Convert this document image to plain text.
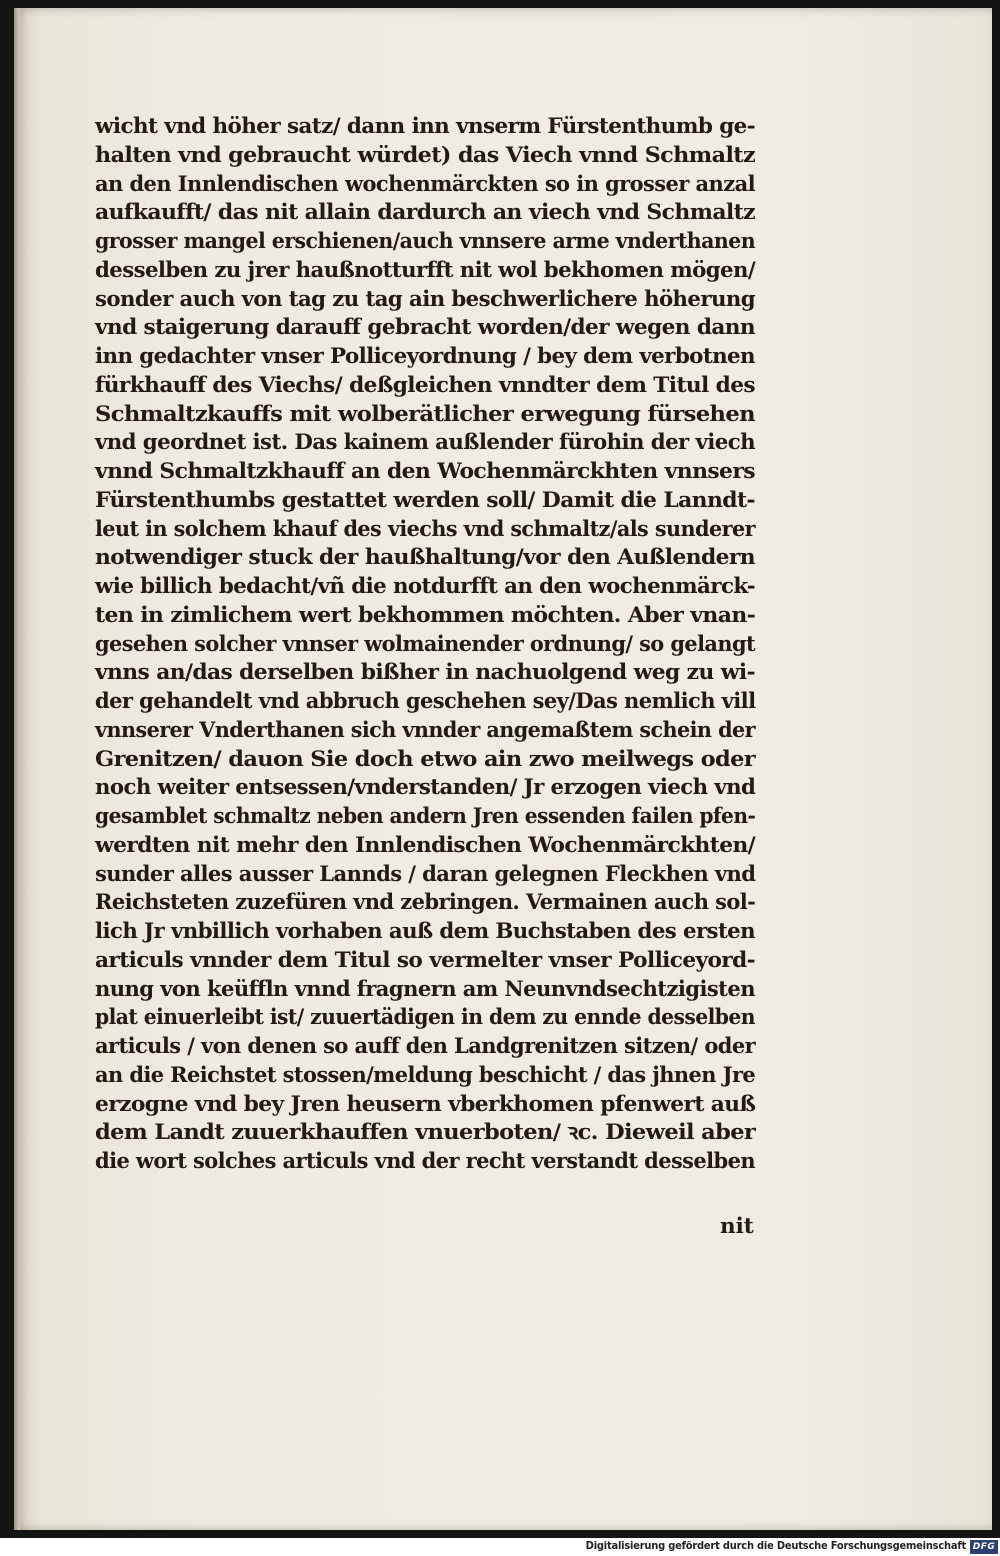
wicht vnd höher satz/ dann inn vnserm Fürstenthumb ge-
halten vnd gebraucht würdet) das Viech vnnd Schmaltz
an den Innlendischen wochenmärckten so in grosser anzal
aufkaufft/ das nit allain dardurch an viech vnd Schmaltz
grosser mangel erschienen/auch vnnsere arme vnderthanen
desselben zu jrer haußnotturfft nit wol bekhomen mögen/
sonder auch von tag zu tag ain beschwerlichere höherung
vnd staigerung darauff gebracht worden/der wegen dann
inn gedachter vnser Polliceyordnung / bey dem verbotnen
fürkhauff des Viechs/ deßgleichen vnndter dem Titul des
Schmaltzkauffs mit wolberätlicher erwegung fürsehen
vnd geordnet ist. Das kainem außlender fürohin der viech
vnnd Schmaltzkhauff an den Wochenmärckhten vnnsers
Fürstenthumbs gestattet werden soll/ Damit die Lanndt-
leut in solchem khauf des viechs vnd schmaltz/als sunderer
notwendiger stuck der haußhaltung/vor den Außlendern
wie billich bedacht/vñ die notdurfft an den wochenmärck-
ten in zimlichem wert bekhommen möchten. Aber vnan-
gesehen solcher vnnser wolmainender ordnung/ so gelangt
vnns an/das derselben bißher in nachuolgend weg zu wi-
der gehandelt vnd abbruch geschehen sey/Das nemlich vill
vnnserer Vnderthanen sich vnnder angemaßtem schein der
Grenitzen/ dauon Sie doch etwo ain zwo meilwegs oder
noch weiter entsessen/vnderstanden/ Jr erzogen viech vnd
gesamblet schmaltz neben andern Jren essenden failen pfen-
werdten nit mehr den Innlendischen Wochenmärckhten/
sunder alles ausser Lannds / daran gelegnen Fleckhen vnd
Reichsteten zuzefüren vnd zebringen. Vermainen auch sol-
lich Jr vnbillich vorhaben auß dem Buchstaben des ersten
articuls vnnder dem Titul so vermelter vnser Polliceyord-
nung von keüffln vnnd fragnern am Neunvndsechtzigisten
plat einuerleibt ist/ zuuertädigen in dem zu ennde desselben
articuls / von denen so auff den Landgrenitzen sitzen/ oder
an die Reichstet stossen/meldung beschicht / das jhnen Jre
erzogne vnd bey Jren heusern vberkhomen pfenwert auß
dem Landt zuuerkhauffen vnuerboten/ ꝛc. Dieweil aber
die wort solches articuls vnd der recht verstandt desselben
nit
Digitalisierung gefördert durch die Deutsche Forschungsgemeinschaft DFG
